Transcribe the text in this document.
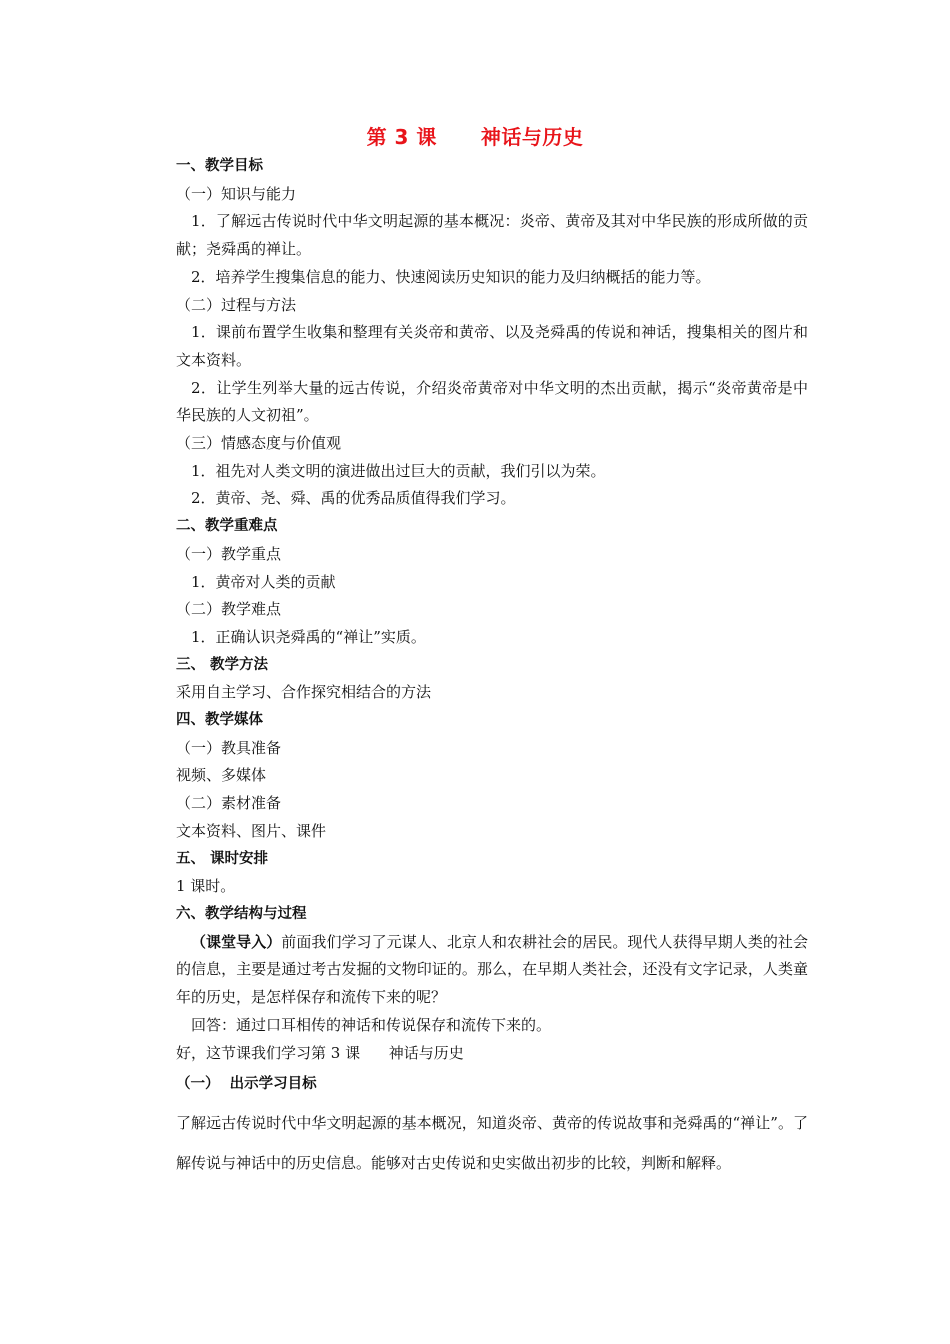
第 3 课 神话与历史

一、教学目标

（一）知识与能力

1．了解远古传说时代中华文明起源的基本概况：炎帝、黄帝及其对中华民族的形成所做的贡献；尧舜禹的禅让。

2．培养学生搜集信息的能力、快速阅读历史知识的能力及归纳概括的能力等。

（二）过程与方法

1．课前布置学生收集和整理有关炎帝和黄帝、以及尧舜禹的传说和神话，搜集相关的图片和文本资料。

2．让学生列举大量的远古传说，介绍炎帝黄帝对中华文明的杰出贡献，揭示“炎帝黄帝是中华民族的人文初祖”。

（三）情感态度与价值观

1．祖先对人类文明的演进做出过巨大的贡献，我们引以为荣。

2．黄帝、尧、舜、禹的优秀品质值得我们学习。

二、教学重难点

（一）教学重点

1．黄帝对人类的贡献

（二）教学难点

1．正确认识尧舜禹的“禅让”实质。

三、 教学方法

采用自主学习、合作探究相结合的方法

四、教学媒体

（一）教具准备

视频、多媒体

（二）素材准备

文本资料、图片、课件

五、 课时安排

1 课时。

六、教学结构与过程

（课堂导入）前面我们学习了元谋人、北京人和农耕社会的居民。现代人获得早期人类的社会的信息，主要是通过考古发掘的文物印证的。那么，在早期人类社会，还没有文字记录，人类童年的历史，是怎样保存和流传下来的呢？

回答：通过口耳相传的神话和传说保存和流传下来的。

好，这节课我们学习第 3 课      神话与历史

（一）  出示学习目标

了解远古传说时代中华文明起源的基本概况，知道炎帝、黄帝的传说故事和尧舜禹的“禅让”。了解传说与神话中的历史信息。能够对古史传说和史实做出初步的比较，判断和解释。
